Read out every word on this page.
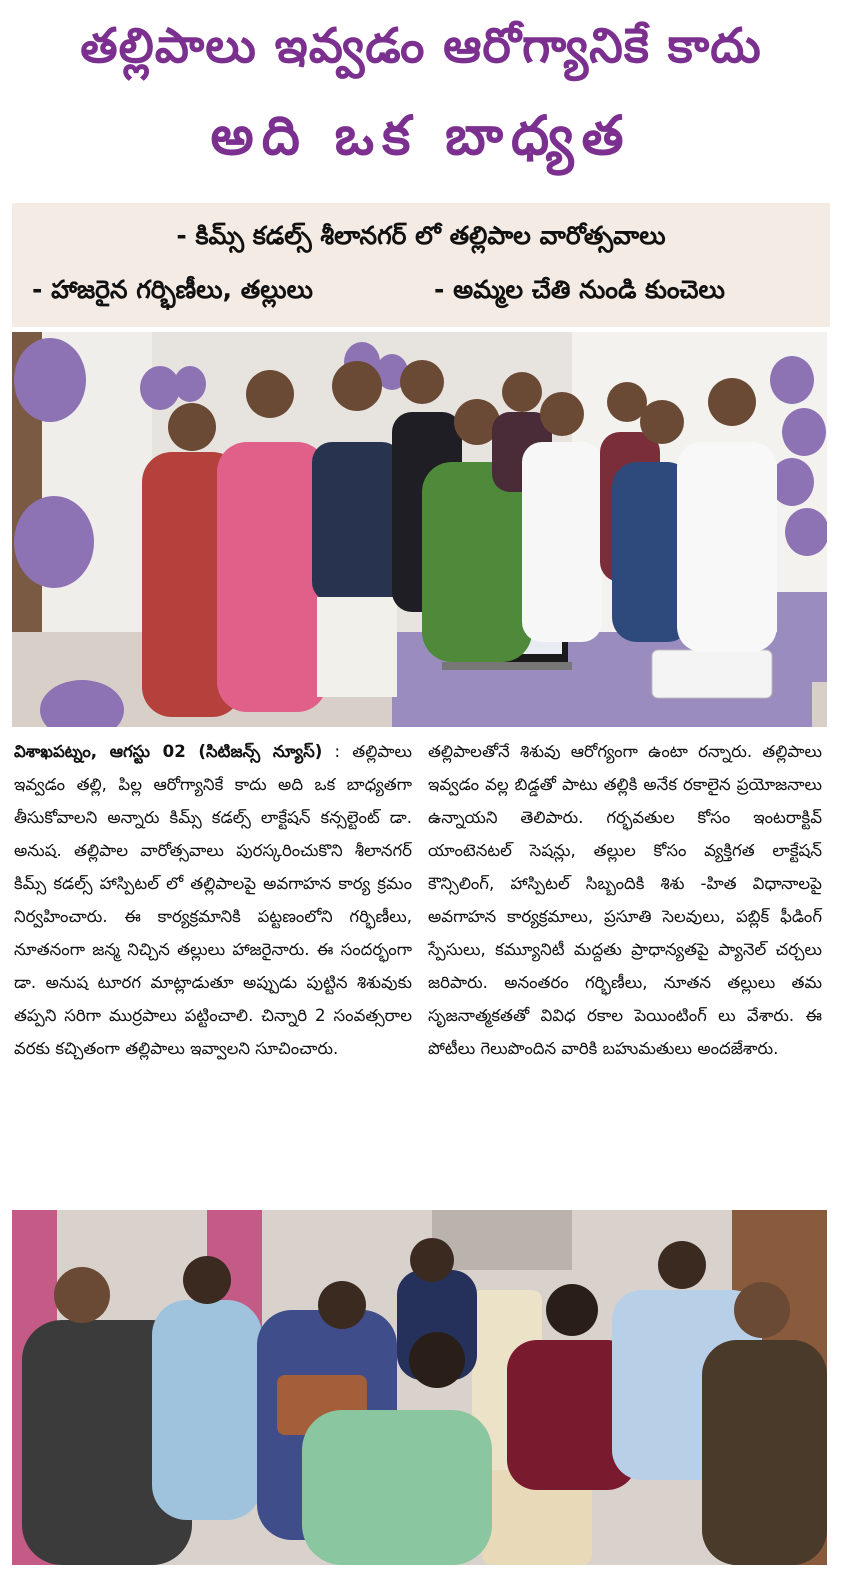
తల్లిపాలు ఇవ్వడం ఆరోగ్యానికే కాదు
అది ఒక బాధ్యత
- కిమ్స్ కడల్స్ శీలానగర్ లో తల్లిపాల వారోత్సవాలు
- హాజరైన గర్భిణీలు, తల్లులు	- అమ్మల చేతి నుండి కుంచెలు
విశాఖపట్నం, ఆగస్టు 02 (సిటిజన్స్ న్యూస్) : తల్లిపాలు ఇవ్వడం తల్లి, పిల్ల ఆరోగ్యానికే కాదు అది ఒక బాధ్యతగా తీసుకోవాలని అన్నారు కిమ్స్ కడల్స్ లాక్టేషన్ కన్సల్టెంట్ డా. అనుష. తల్లిపాల వారోత్సవాలు పురస్కరించుకొని శీలానగర్ కిమ్స్ కడల్స్ హాస్పిటల్ లో తల్లిపాలపై అవగాహన కార్య క్రమం నిర్వహించారు. ఈ కార్యక్రమానికి పట్టణంలోని గర్భిణీలు, నూతనంగా జన్మ నిచ్చిన తల్లులు హాజరైనారు. ఈ సందర్భంగా డా. అనుష టూరగ మాట్లాడుతూ అప్పుడు పుట్టిన శిశువుకు తప్పని సరిగా ముర్రపాలు పట్టించాలి. చిన్నారి 2 సంవత్సరాల వరకు కచ్చితంగా తల్లిపాలు ఇవ్వాలని సూచించారు.
తల్లిపాలతోనే శిశువు ఆరోగ్యంగా ఉంటా రన్నారు. తల్లిపాలు ఇవ్వడం వల్ల బిడ్డతో పాటు తల్లికి అనేక రకాలైన ప్రయోజనాలు ఉన్నాయని తెలిపారు. గర్భవతుల కోసం ఇంటరాక్టివ్ యాంటెనటల్ సెషన్లు, తల్లుల కోసం వ్యక్తిగత లాక్టేషన్ కౌన్సిలింగ్, హాస్పిటల్ సిబ్బందికి శిశు -హిత విధానాలపై అవగాహన కార్యక్రమాలు, ప్రసూతి సెలవులు, పబ్లిక్ ఫీడింగ్ స్పేసులు, కమ్యూనిటీ మద్దతు ప్రాధాన్యతపై ప్యానెల్ చర్చలు జరిపారు. అనంతరం గర్భిణీలు, నూతన తల్లులు తమ సృజనాత్మకతతో వివిధ రకాల పెయింటింగ్ లు వేశారు. ఈ పోటీలు గెలుపొందిన వారికి బహుమతులు అందజేశారు.
